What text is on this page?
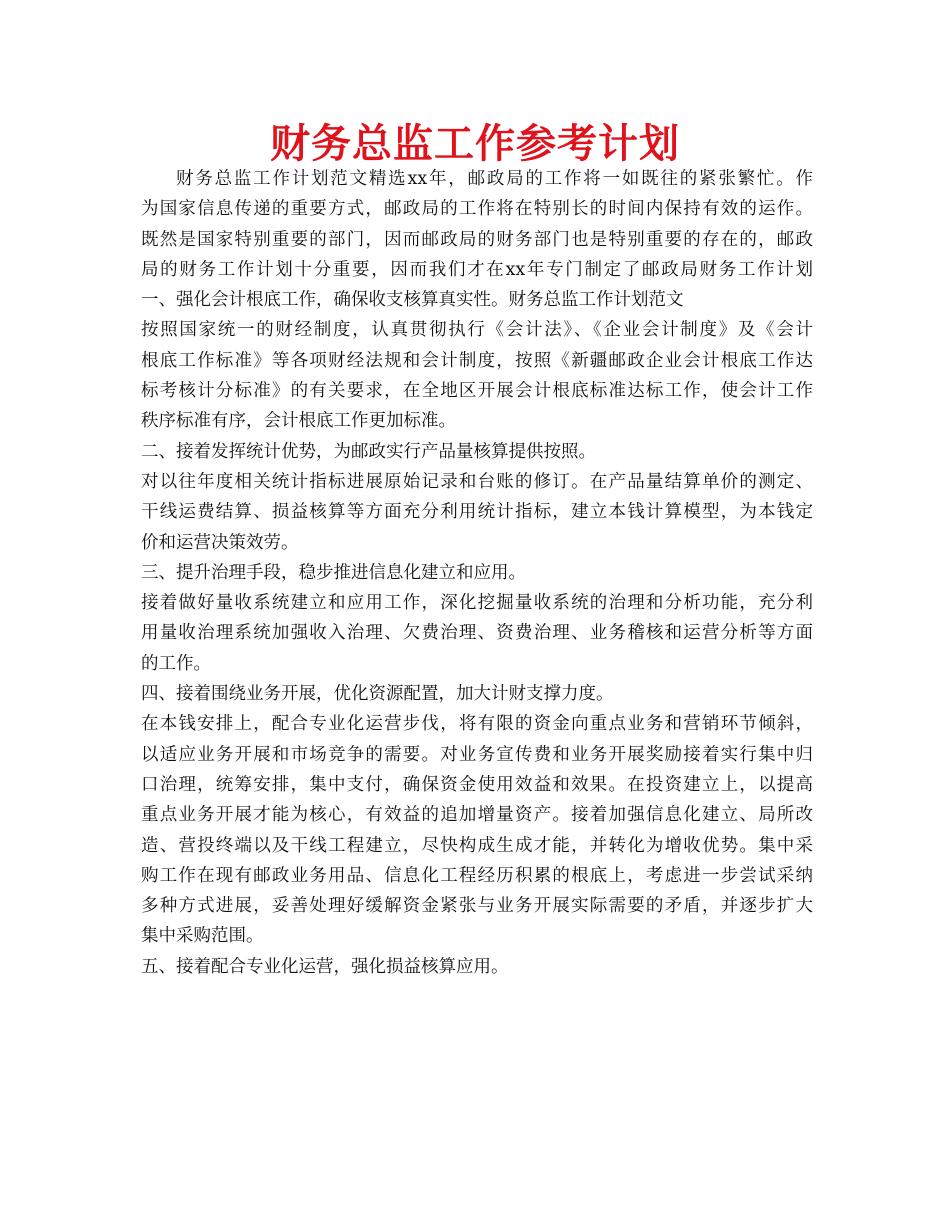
财务总监工作参考计划
财务总监工作计划范文精选xx年，邮政局的工作将一如既往的紧张繁忙。作
为国家信息传递的重要方式，邮政局的工作将在特别长的时间内保持有效的运作。
既然是国家特别重要的部门，因而邮政局的财务部门也是特别重要的存在的，邮政
局的财务工作计划十分重要，因而我们才在xx年专门制定了邮政局财务工作计划
一、强化会计根底工作，确保收支核算真实性。财务总监工作计划范文
按照国家统一的财经制度，认真贯彻执行《会计法》、《企业会计制度》及《会计
根底工作标准》等各项财经法规和会计制度，按照《新疆邮政企业会计根底工作达
标考核计分标准》的有关要求，在全地区开展会计根底标准达标工作，使会计工作
秩序标准有序，会计根底工作更加标准。
二、接着发挥统计优势，为邮政实行产品量核算提供按照。
对以往年度相关统计指标进展原始记录和台账的修订。在产品量结算单价的测定、
干线运费结算、损益核算等方面充分利用统计指标，建立本钱计算模型，为本钱定
价和运营决策效劳。
三、提升治理手段，稳步推进信息化建立和应用。
接着做好量收系统建立和应用工作，深化挖掘量收系统的治理和分析功能，充分利
用量收治理系统加强收入治理、欠费治理、资费治理、业务稽核和运营分析等方面
的工作。
四、接着围绕业务开展，优化资源配置，加大计财支撑力度。
在本钱安排上，配合专业化运营步伐，将有限的资金向重点业务和营销环节倾斜，
以适应业务开展和市场竞争的需要。对业务宣传费和业务开展奖励接着实行集中归
口治理，统筹安排，集中支付，确保资金使用效益和效果。在投资建立上，以提高
重点业务开展才能为核心，有效益的追加增量资产。接着加强信息化建立、局所改
造、营投终端以及干线工程建立，尽快构成生成才能，并转化为增收优势。集中采
购工作在现有邮政业务用品、信息化工程经历积累的根底上，考虑进一步尝试采纳
多种方式进展，妥善处理好缓解资金紧张与业务开展实际需要的矛盾，并逐步扩大
集中采购范围。
五、接着配合专业化运营，强化损益核算应用。
